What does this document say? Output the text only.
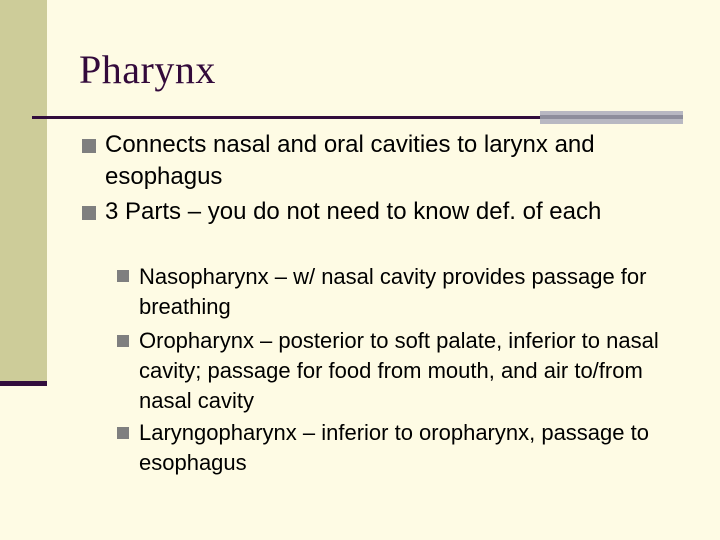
Pharynx
Connects nasal and oral cavities to larynx and esophagus
3 Parts – you do not need to know def. of each
Nasopharynx – w/ nasal cavity provides passage for breathing
Oropharynx – posterior to soft palate, inferior to nasal cavity; passage for food from mouth, and air to/from nasal cavity
Laryngopharynx – inferior to oropharynx, passage to esophagus
